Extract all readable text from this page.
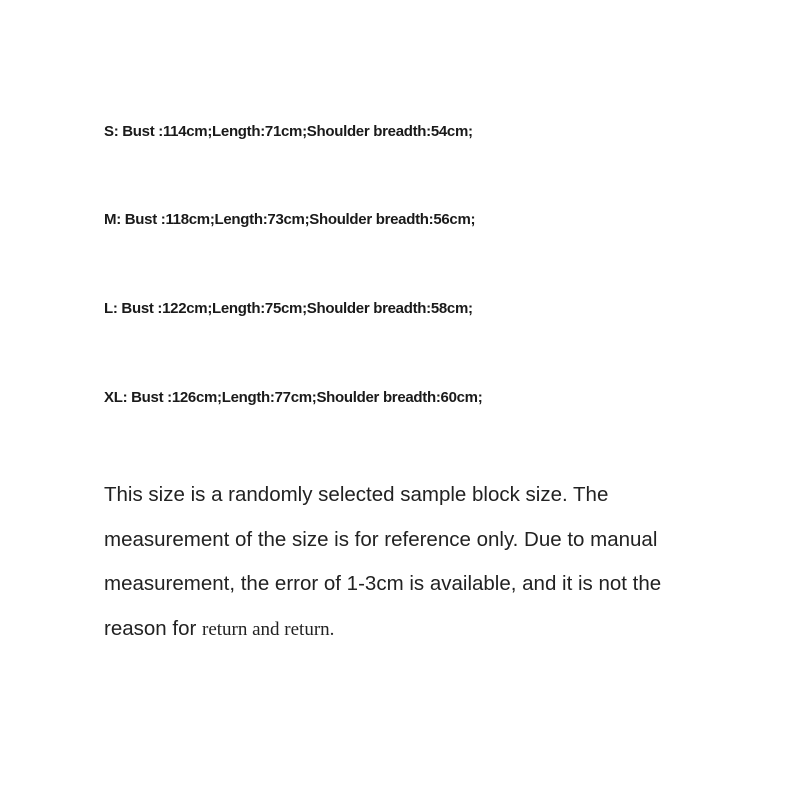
S: Bust :114cm;Length:71cm;Shoulder breadth:54cm;
M: Bust :118cm;Length:73cm;Shoulder breadth:56cm;
L: Bust :122cm;Length:75cm;Shoulder breadth:58cm;
XL: Bust :126cm;Length:77cm;Shoulder breadth:60cm;
This size is a randomly selected sample block size. The measurement of the size is for reference only. Due to manual measurement, the error of 1-3cm is available, and it is not the reason for return and return.
